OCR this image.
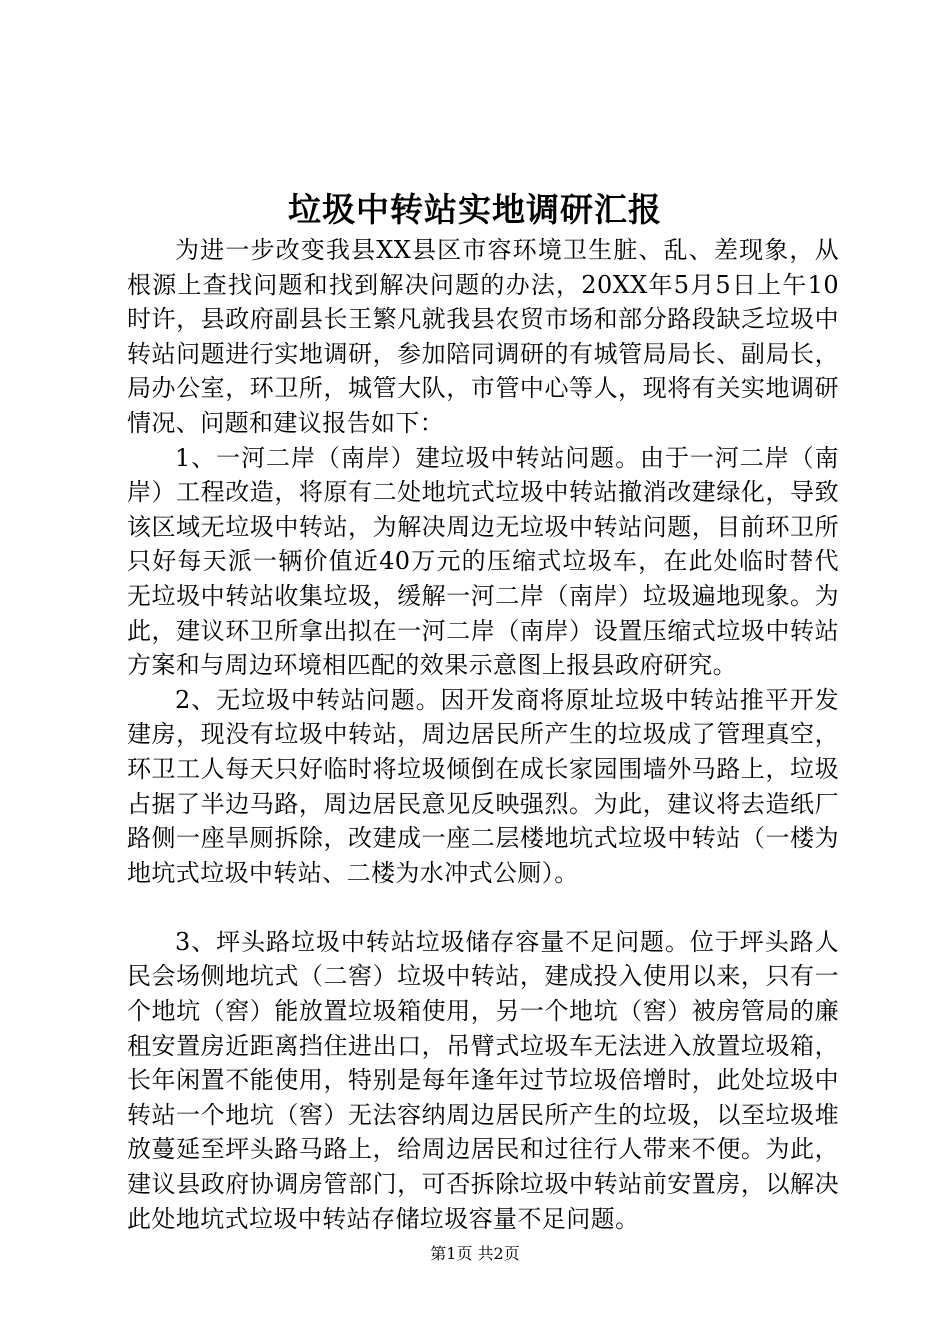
垃圾中转站实地调研汇报

为进一步改变我县XX县区市容环境卫生脏、乱、差现象，从根源上查找问题和找到解决问题的办法，20XX年5月5日上午10时许，县政府副县长王繁凡就我县农贸市场和部分路段缺乏垃圾中转站问题进行实地调研，参加陪同调研的有城管局局长、副局长，局办公室，环卫所，城管大队，市管中心等人，现将有关实地调研情况、问题和建议报告如下：

1、一河二岸（南岸）建垃圾中转站问题。由于一河二岸（南岸）工程改造，将原有二处地坑式垃圾中转站撤消改建绿化，导致该区域无垃圾中转站，为解决周边无垃圾中转站问题，目前环卫所只好每天派一辆价值近40万元的压缩式垃圾车，在此处临时替代无垃圾中转站收集垃圾，缓解一河二岸（南岸）垃圾遍地现象。为此，建议环卫所拿出拟在一河二岸（南岸）设置压缩式垃圾中转站方案和与周边环境相匹配的效果示意图上报县政府研究。

2、无垃圾中转站问题。因开发商将原址垃圾中转站推平开发建房，现没有垃圾中转站，周边居民所产生的垃圾成了管理真空，环卫工人每天只好临时将垃圾倾倒在成长家园围墙外马路上，垃圾占据了半边马路，周边居民意见反映强烈。为此，建议将去造纸厂路侧一座旱厕拆除，改建成一座二层楼地坑式垃圾中转站（一楼为地坑式垃圾中转站、二楼为水冲式公厕）。

3、坪头路垃圾中转站垃圾储存容量不足问题。位于坪头路人民会场侧地坑式（二窖）垃圾中转站，建成投入使用以来，只有一个地坑（窖）能放置垃圾箱使用，另一个地坑（窖）被房管局的廉租安置房近距离挡住进出口，吊臂式垃圾车无法进入放置垃圾箱，长年闲置不能使用，特别是每年逢年过节垃圾倍增时，此处垃圾中转站一个地坑（窖）无法容纳周边居民所产生的垃圾，以至垃圾堆放蔓延至坪头路马路上，给周边居民和过往行人带来不便。为此，建议县政府协调房管部门，可否拆除垃圾中转站前安置房，以解决此处地坑式垃圾中转站存储垃圾容量不足问题。

第1页 共2页
